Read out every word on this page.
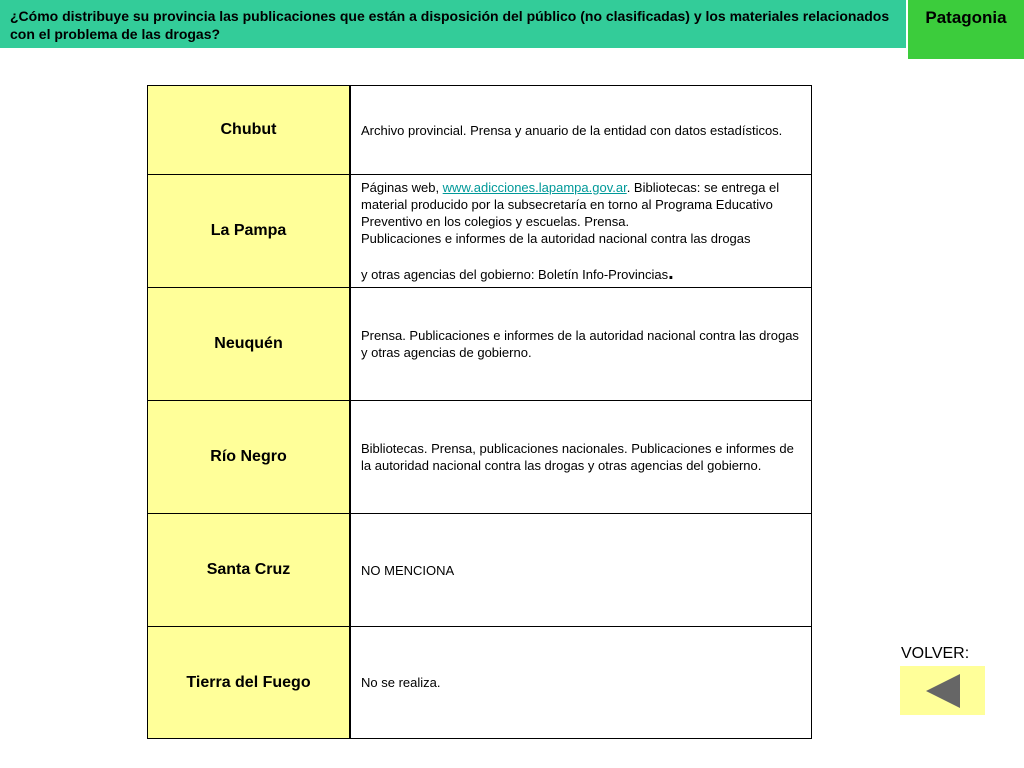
¿Cómo distribuye su provincia las publicaciones que están a disposición del público (no clasificadas) y los materiales relacionados con el problema de las drogas?
Patagonia
Chubut	Archivo provincial. Prensa y anuario de la entidad con datos estadísticos.
La Pampa	Páginas web, www.adicciones.lapampa.gov.ar. Bibliotecas: se entrega el material producido por la subsecretaría en torno al Programa Educativo Preventivo en los colegios y escuelas. Prensa.
Publicaciones e informes de la autoridad nacional contra las drogas

y otras agencias del gobierno: Boletín Info-Provincias.
Neuquén	Prensa. Publicaciones e informes de la autoridad nacional contra las drogas y otras agencias de gobierno.
Río Negro	Bibliotecas. Prensa, publicaciones nacionales. Publicaciones e informes de la autoridad nacional contra las drogas y otras agencias del gobierno.
Santa Cruz	NO MENCIONA
Tierra del Fuego	No se realiza.
VOLVER:
